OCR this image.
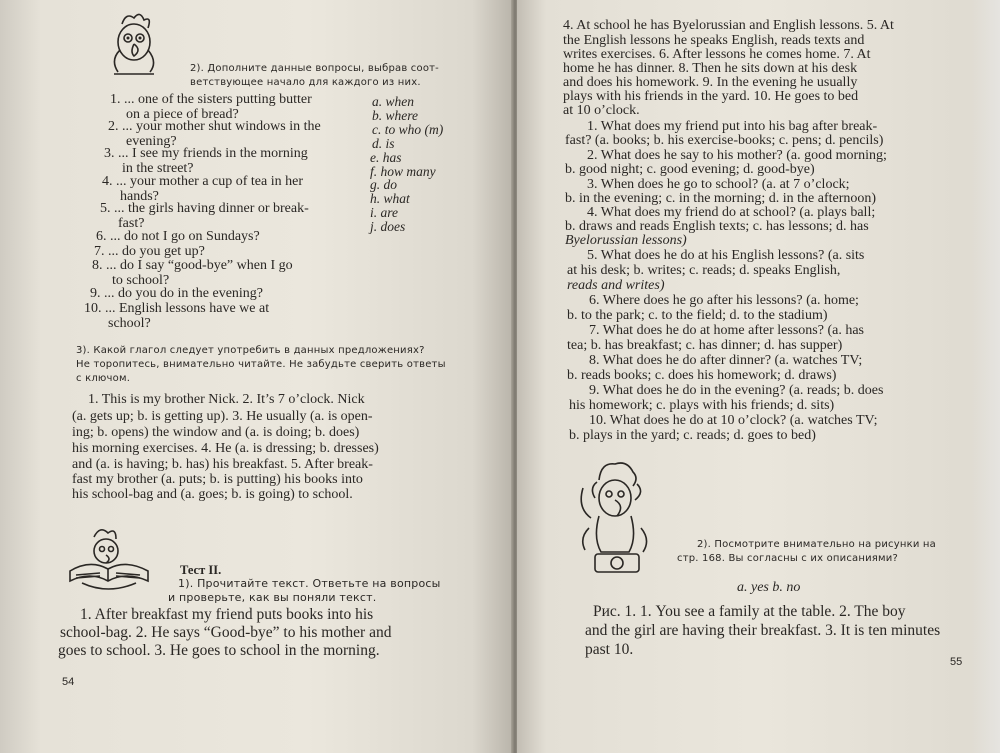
2). Дополните данные вопросы, выбрав соот-
ветствующее начало для каждого из них.
1. ... one of the sisters putting butter
on a piece of bread?
2. ... your mother shut windows in the
evening?
3. ... I see my friends in the morning
in the street?
4. ... your mother a cup of tea in her
hands?
5. ... the girls having dinner or break-
fast?
6. ... do not I go on Sundays?
7. ... do you get up?
8. ... do I say “good-bye” when I go
to school?
9. ... do you do in the evening?
10. ... English lessons have we at
school?
a. when
b. where
c. to who (m)
d. is
e. has
f. how many
g. do
h. what
i. are
j. does
3). Какой глагол следует употребить в данных предложениях?
Не торопитесь, внимательно читайте. Не забудьте сверить ответы
с ключом.
1. This is my brother Nick. 2. It’s 7 o’clock. Nick
(a. gets up; b. is getting up). 3. He usually (a. is open-
ing; b. opens) the window and (a. is doing; b. does)
his morning exercises. 4. He (a. is dressing; b. dresses)
and (a. is having; b. has) his breakfast. 5. After break-
fast my brother (a. puts; b. is putting) his books into
his school-bag and (a. goes; b. is going) to school.
Тест II.
1). Прочитайте текст. Ответьте на вопросы
и проверьте, как вы поняли текст.
1. After breakfast my friend puts books into his
school-bag. 2. He says “Good-bye” to his mother and
goes to school. 3. He goes to school in the morning.
54
4. At school he has Byelorussian and English lessons. 5. At
the English lessons he speaks English, reads texts and
writes exercises. 6. After lessons he comes home. 7. At
home he has dinner. 8. Then he sits down at his desk
and does his homework. 9. In the evening he usually
plays with his friends in the yard. 10. He goes to bed
at 10 o’clock.
1. What does my friend put into his bag after break-
fast? (a. books; b. his exercise-books; c. pens; d. pencils)
2. What does he say to his mother? (a. good morning;
b. good night; c. good evening; d. good-bye)
3. When does he go to school? (a. at 7 o’clock;
b. in the evening; c. in the morning; d. in the afternoon)
4. What does my friend do at school? (a. plays ball;
b. draws and reads English texts; c. has lessons; d. has
Byelorussian lessons)
5. What does he do at his English lessons? (a. sits
at his desk; b. writes; c. reads; d. speaks English,
reads and writes)
6. Where does he go after his lessons? (a. home;
b. to the park; c. to the field; d. to the stadium)
7. What does he do at home after lessons? (a. has
tea; b. has breakfast; c. has dinner; d. has supper)
8. What does he do after dinner? (a. watches TV;
b. reads books; c. does his homework; d. draws)
9. What does he do in the evening? (a. reads; b. does
his homework; c. plays with his friends; d. sits)
10. What does he do at 10 o’clock? (a. watches TV;
b. plays in the yard; c. reads; d. goes to bed)
2). Посмотрите внимательно на рисунки на
стр. 168. Вы согласны с их описаниями?
a. yes b. no
Рис. 1. 1. You see a family at the table. 2. The boy
and the girl are having their breakfast. 3. It is ten minutes
past 10.
55
